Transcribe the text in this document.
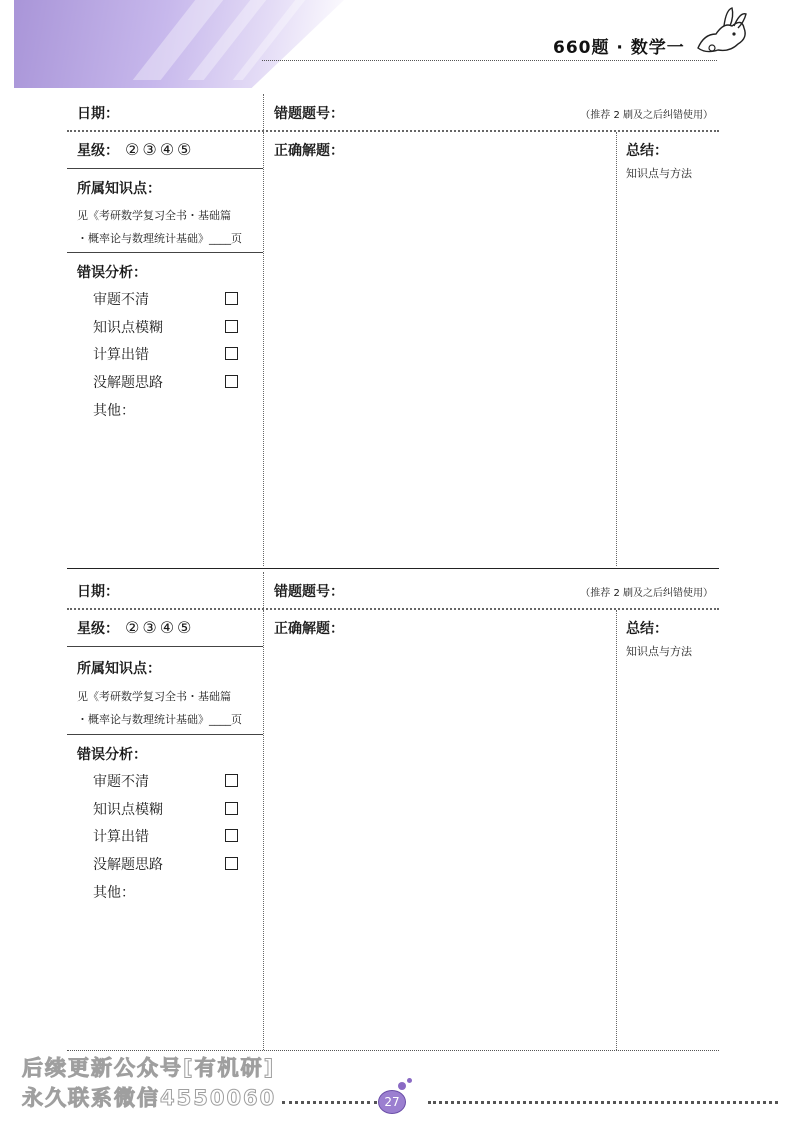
660题 · 数学一
日期：	错题题号：	（推荐 2 刷及之后纠错使用）
星级： ②③④⑤
所属知识点：
见《考研数学复习全书・基础篇
・概率论与数理统计基础》____页
错误分析：
审题不清
知识点模糊
计算出错
没解题思路
其他：
正确解题：	总结：
知识点与方法
日期：	错题题号：	（推荐 2 刷及之后纠错使用）
星级： ②③④⑤
所属知识点：
见《考研数学复习全书・基础篇
・概率论与数理统计基础》____页
错误分析：
审题不清
知识点模糊
计算出错
没解题思路
其他：
正确解题：	总结：
知识点与方法
后续更新公众号[有机研]
永久联系微信4550060	27
